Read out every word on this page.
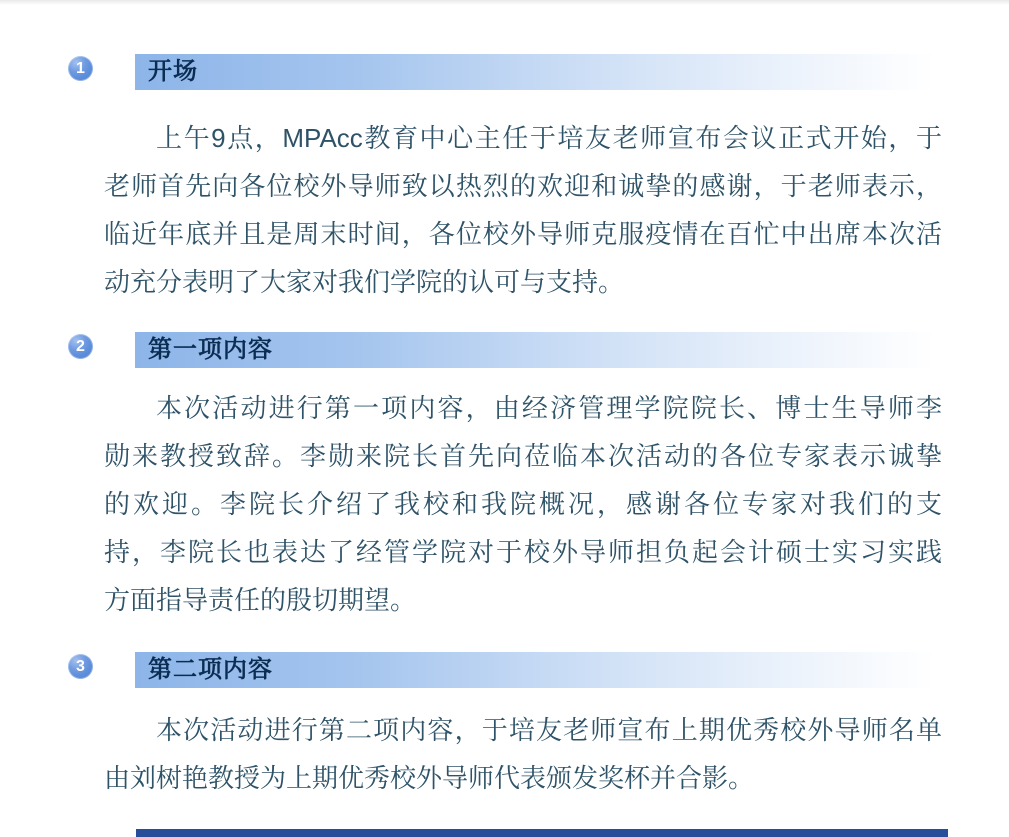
1	开场
上午9点，MPAcc教育中心主任于培友老师宣布会议正式开始，于
老师首先向各位校外导师致以热烈的欢迎和诚挚的感谢，于老师表示，
临近年底并且是周末时间，各位校外导师克服疫情在百忙中出席本次活
动充分表明了大家对我们学院的认可与支持。
2	第一项内容
本次活动进行第一项内容，由经济管理学院院长、博士生导师李
勋来教授致辞。李勋来院长首先向莅临本次活动的各位专家表示诚挚
的欢迎。李院长介绍了我校和我院概况，感谢各位专家对我们的支
持，李院长也表达了经管学院对于校外导师担负起会计硕士实习实践
方面指导责任的殷切期望。
3	第二项内容
本次活动进行第二项内容，于培友老师宣布上期优秀校外导师名单
由刘树艳教授为上期优秀校外导师代表颁发奖杯并合影。
